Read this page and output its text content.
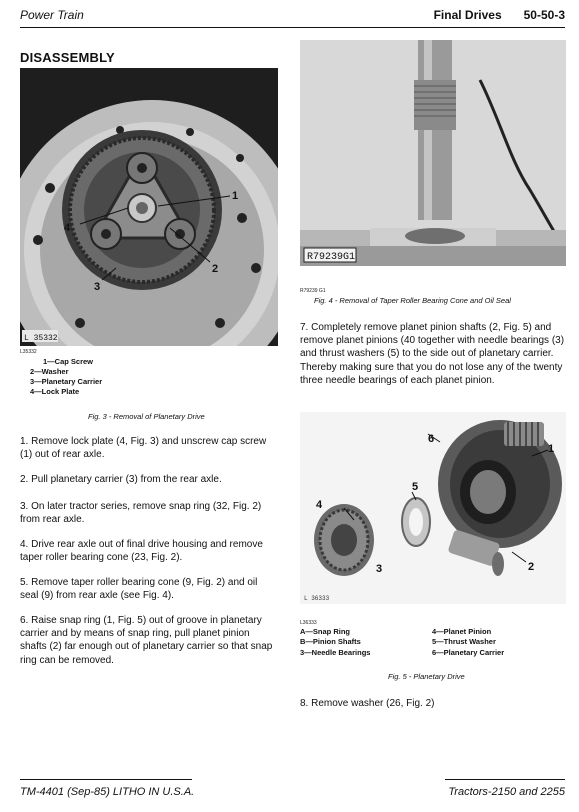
Power Train	Final Drives 50-50-3
DISASSEMBLY
1
2
3
4
L 35332
L35332
1—Cap Screw
2—Washer
3—Planetary Carrier
4—Lock Plate
Fig. 3 - Removal of Planetary Drive
1. Remove lock plate (4, Fig. 3) and unscrew cap screw (1) out of rear axle.
2. Pull planetary carrier (3) from the rear axle.
3. On later tractor series, remove snap ring (32, Fig. 2) from rear axle.
4. Drive rear axle out of final drive housing and remove taper roller bearing cone (23, Fig. 2).
5. Remove taper roller bearing cone (9, Fig. 2) and oil seal (9) from rear axle (see Fig. 4).
6. Raise snap ring (1, Fig. 5) out of groove in planetary carrier and by means of snap ring, pull planet pinion shafts (2) far enough out of planetary carrier so that snap ring can be removed.
R79239G1
R79239 G1
Fig. 4 - Removal of Taper Roller Bearing Cone and Oil Seal
7. Completely remove planet pinion shafts (2, Fig. 5) and remove planet pinions (40 together with needle bearings (3) and thrust washers (5) to the side out of planetary carrier. Thereby making sure that you do not lose any of the twenty three needle bearings of each planet pinion.
1
2
3
4
5
6
L 36333
L36333
A—Snap Ring
B—Pinion Shafts
3—Needle Bearings
4—Planet Pinion
5—Thrust Washer
6—Planetary Carrier
Fig. 5 - Planetary Drive
8. Remove washer (26, Fig. 2)
TM-4401 (Sep-85) LITHO IN U.S.A.	Tractors-2150 and 2255
